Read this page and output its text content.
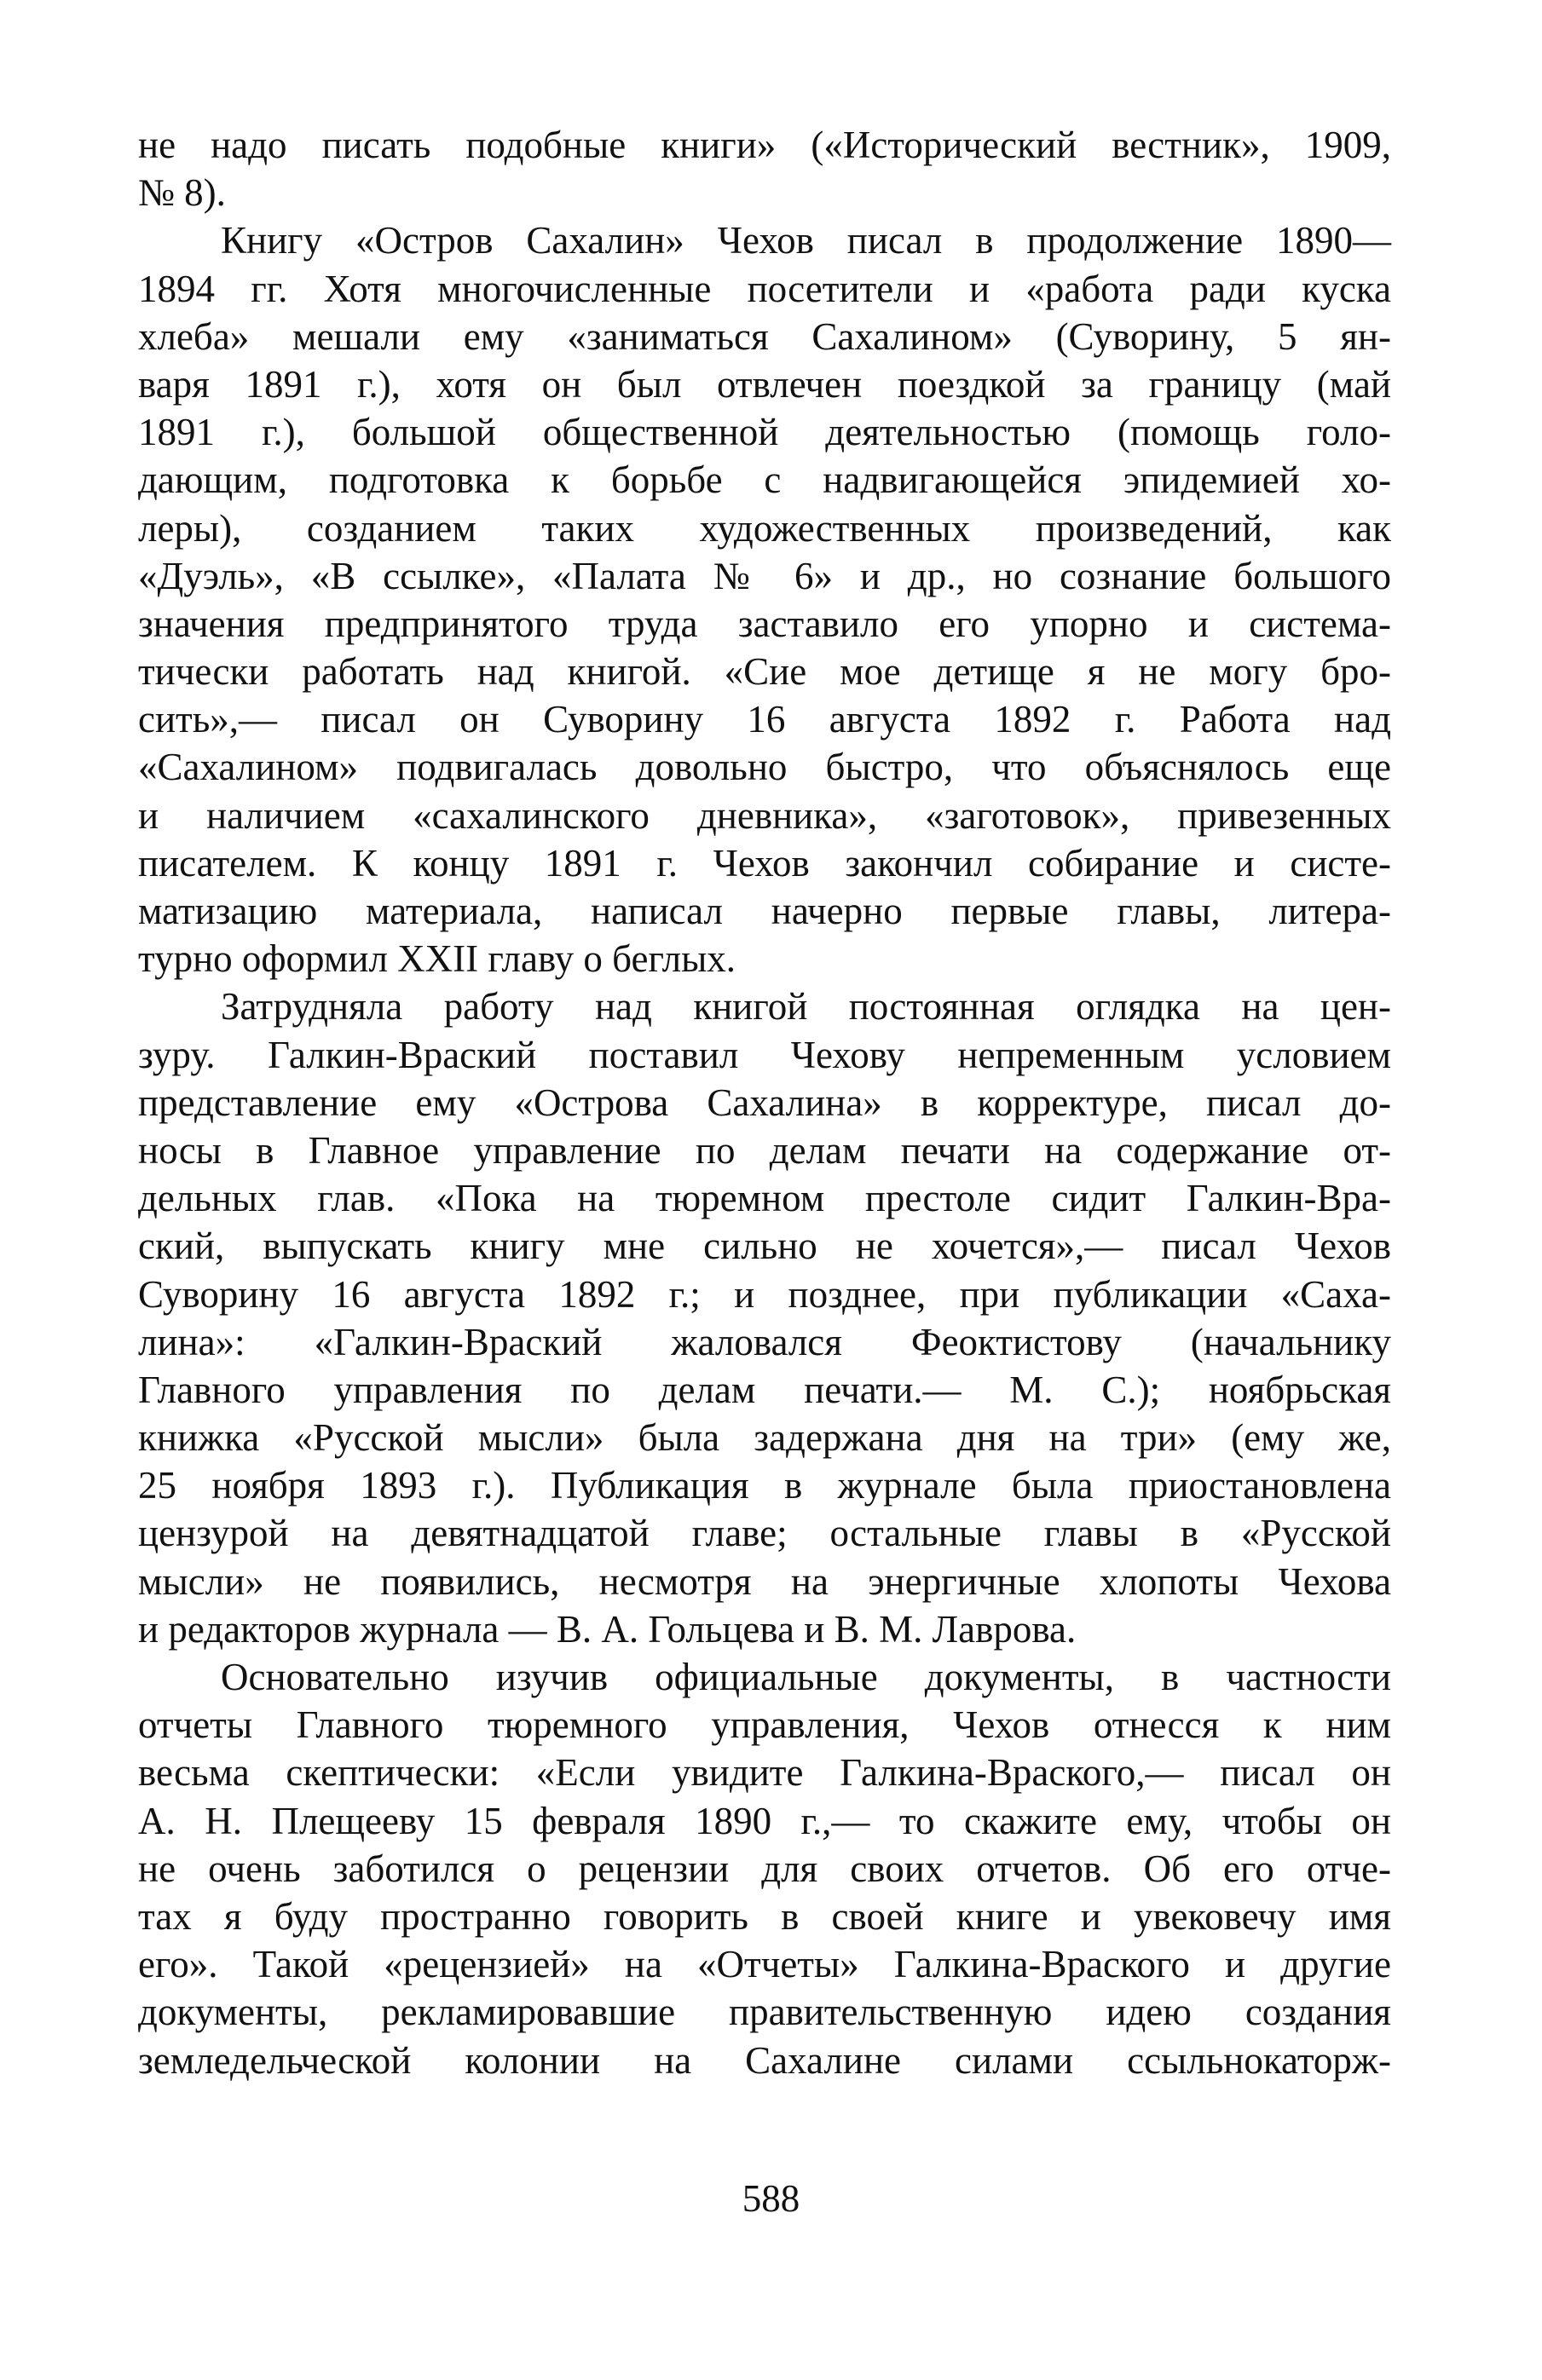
не надо писать подобные книги» («Исторический вестник», 1909,
№ 8).
Книгу «Остров Сахалин» Чехов писал в продолжение 1890—
1894 гг. Хотя многочисленные посетители и «работа ради куска
хлеба» мешали ему «заниматься Сахалином» (Суворину, 5 ян-
варя 1891 г.), хотя он был отвлечен поездкой за границу (май
1891 г.), большой общественной деятельностью (помощь голо-
дающим, подготовка к борьбе с надвигающейся эпидемией хо-
леры), созданием таких художественных произведений, как
«Дуэль», «В ссылке», «Палата № 6» и др., но сознание большого
значения предпринятого труда заставило его упорно и система-
тически работать над книгой. «Сие мое детище я не могу бро-
сить»,— писал он Суворину 16 августа 1892 г. Работа над
«Сахалином» подвигалась довольно быстро, что объяснялось еще
и наличием «сахалинского дневника», «заготовок», привезенных
писателем. К концу 1891 г. Чехов закончил собирание и систе-
матизацию материала, написал начерно первые главы, литера-
турно оформил XXII главу о беглых.
Затрудняла работу над книгой постоянная оглядка на цен-
зуру. Галкин-Враский поставил Чехову непременным условием
представление ему «Острова Сахалина» в корректуре, писал до-
носы в Главное управление по делам печати на содержание от-
дельных глав. «Пока на тюремном престоле сидит Галкин-Вра-
ский, выпускать книгу мне сильно не хочется»,— писал Чехов
Суворину 16 августа 1892 г.; и позднее, при публикации «Саха-
лина»: «Галкин-Враский жаловался Феоктистову (начальнику
Главного управления по делам печати.— М. С.); ноябрьская
книжка «Русской мысли» была задержана дня на три» (ему же,
25 ноября 1893 г.). Публикация в журнале была приостановлена
цензурой на девятнадцатой главе; остальные главы в «Русской
мысли» не появились, несмотря на энергичные хлопоты Чехова
и редакторов журнала — В. А. Гольцева и В. М. Лаврова.
Основательно изучив официальные документы, в частности
отчеты Главного тюремного управления, Чехов отнесся к ним
весьма скептически: «Если увидите Галкина-Враского,— писал он
А. Н. Плещееву 15 февраля 1890 г.,— то скажите ему, чтобы он
не очень заботился о рецензии для своих отчетов. Об его отче-
тах я буду пространно говорить в своей книге и увековечу имя
его». Такой «рецензией» на «Отчеты» Галкина-Враского и другие
документы, рекламировавшие правительственную идею создания
земледельческой колонии на Сахалине силами ссыльнокаторж-
588
